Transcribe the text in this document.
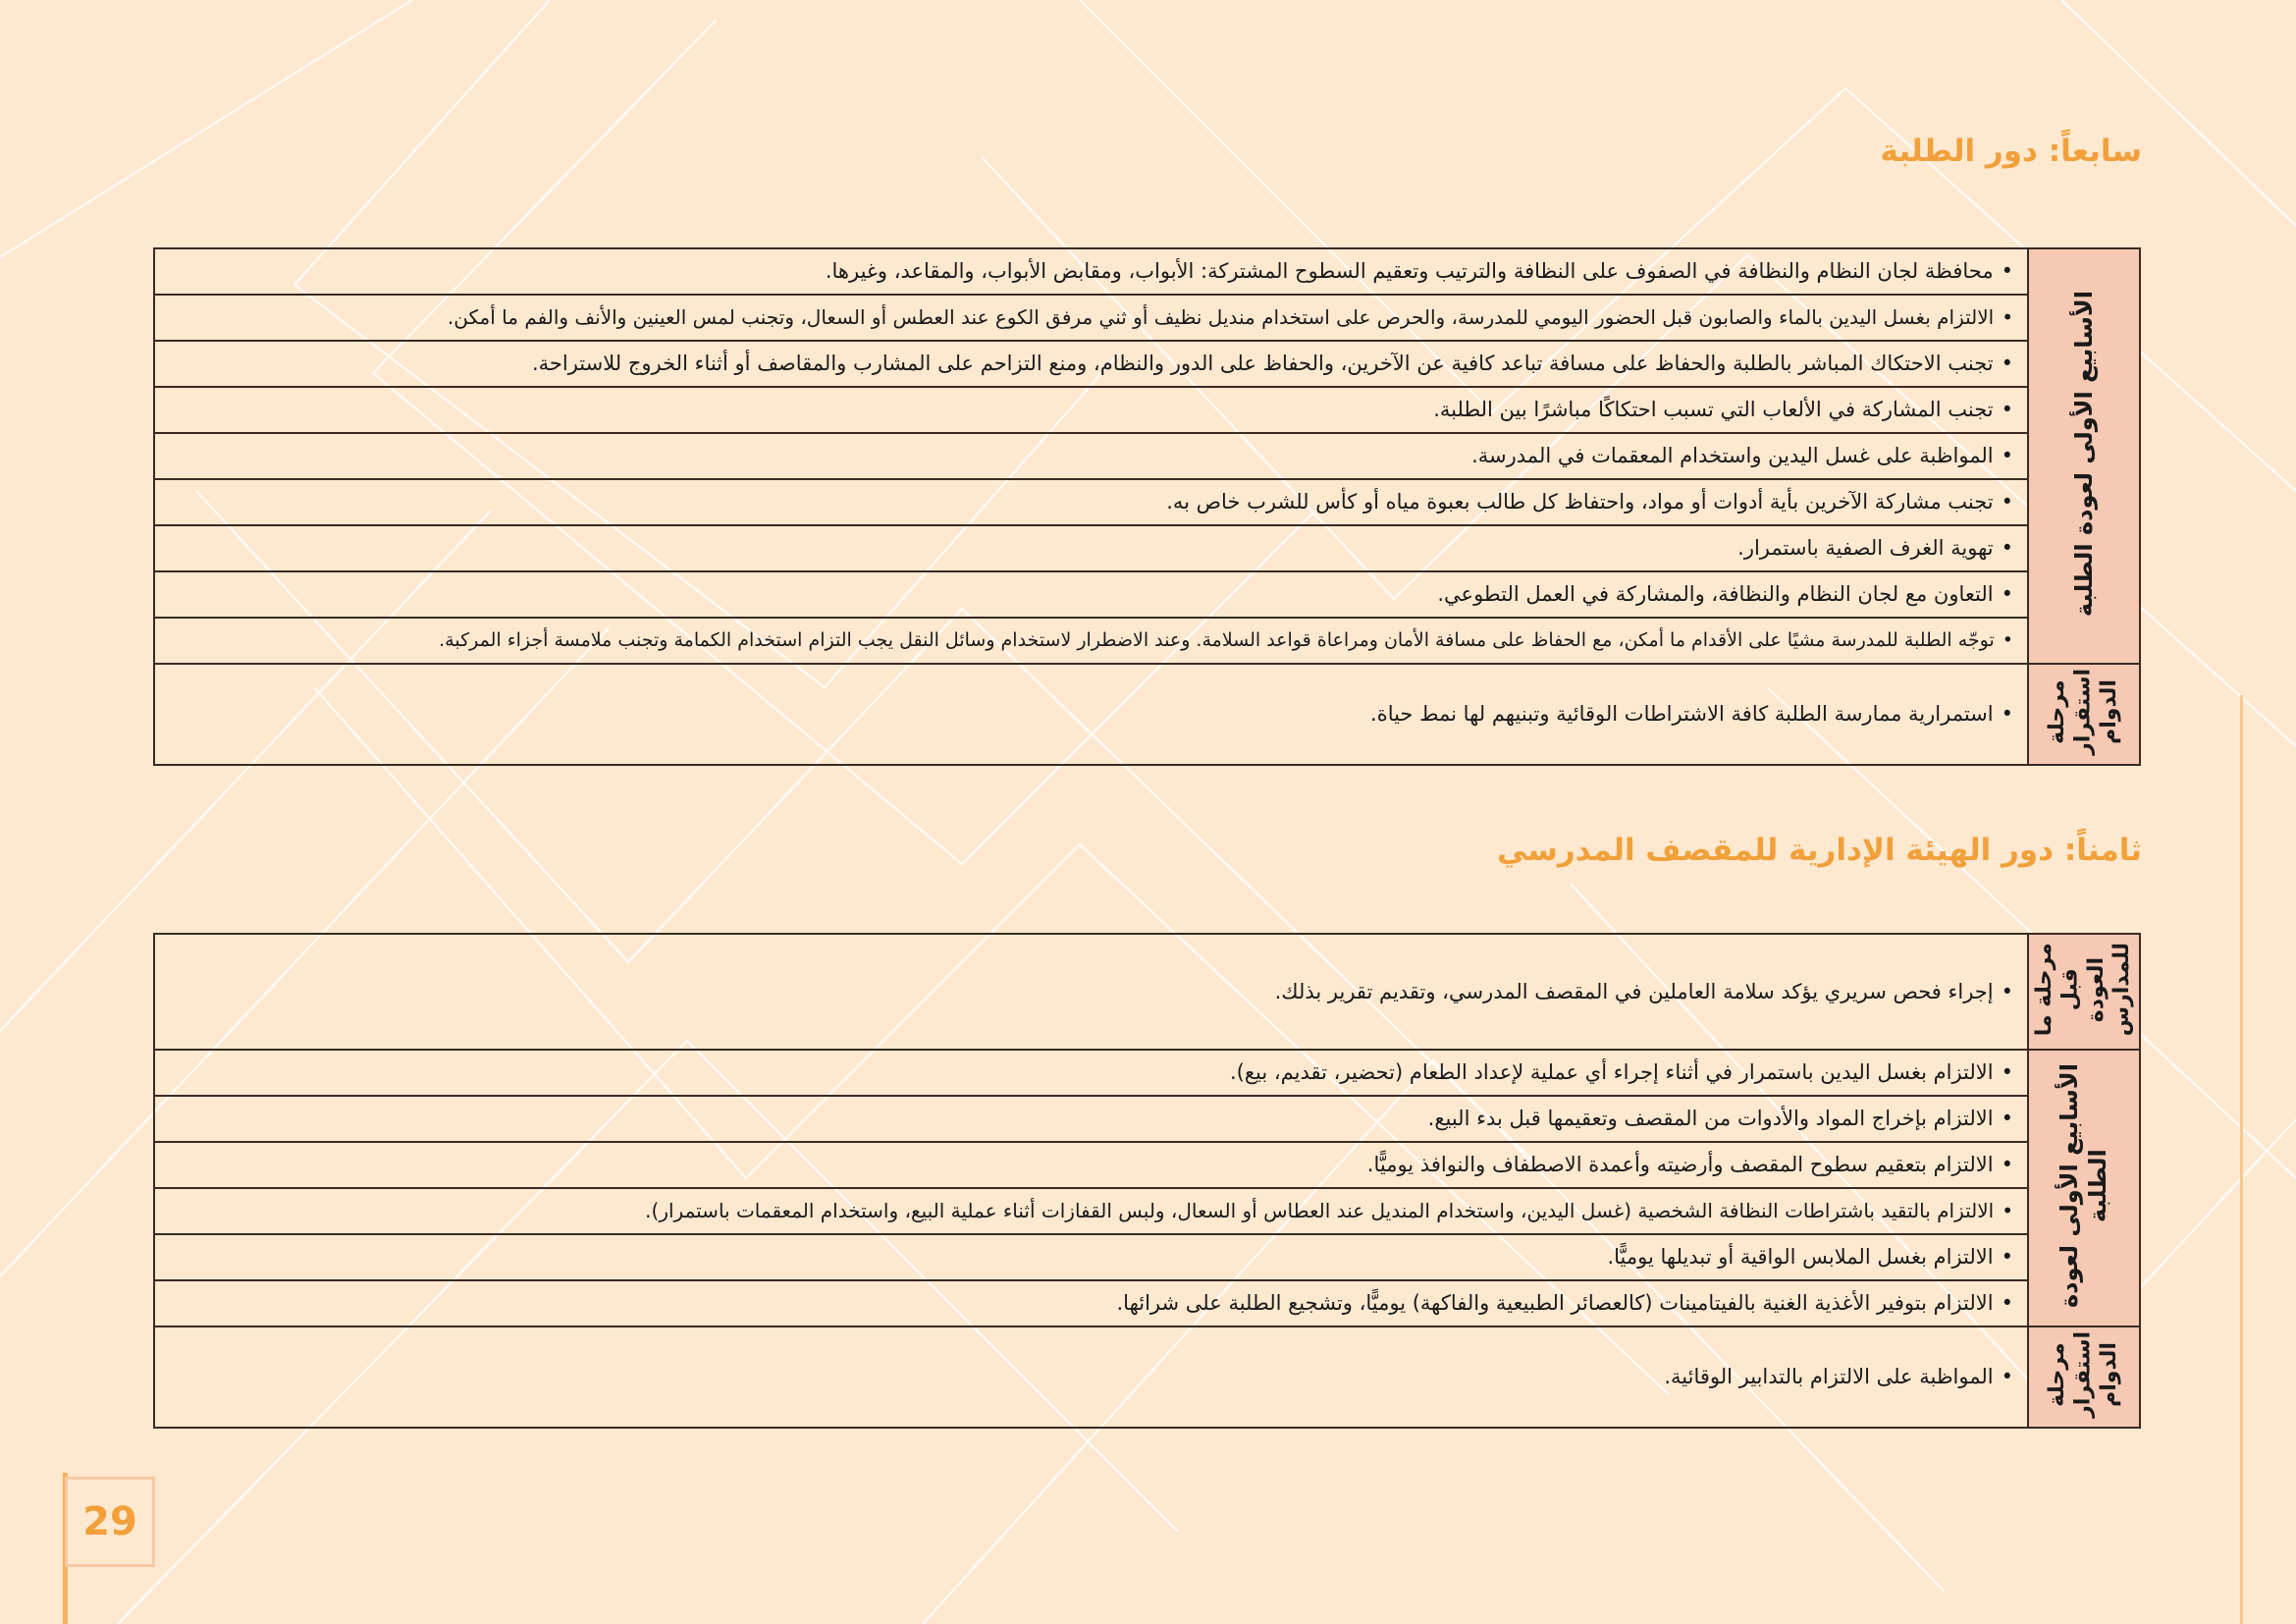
سابعاً: دور الطلبة
الأسابيع الأولى لعودة الطلبة	•محافظة لجان النظام والنظافة في الصفوف على النظافة والترتيب وتعقيم السطوح المشتركة: الأبواب، ومقابض الأبواب، والمقاعد، وغيرها.
	•الالتزام بغسل اليدين بالماء والصابون قبل الحضور اليومي للمدرسة، والحرص على استخدام منديل نظيف أو ثني مرفق الكوع عند العطس أو السعال، وتجنب لمس العينين والأنف والفم ما أمكن.
	•تجنب الاحتكاك المباشر بالطلبة والحفاظ على مسافة تباعد كافية عن الآخرين، والحفاظ على الدور والنظام، ومنع التزاحم على المشارب والمقاصف أو أثناء الخروج للاستراحة.
	•تجنب المشاركة في الألعاب التي تسبب احتكاكًا مباشرًا بين الطلبة.
	•المواظبة على غسل اليدين واستخدام المعقمات في المدرسة.
	•تجنب مشاركة الآخرين بأية أدوات أو مواد، واحتفاظ كل طالب بعبوة مياه أو كأس للشرب خاص به.
	•تهوية الغرف الصفية باستمرار.
	•التعاون مع لجان النظام والنظافة، والمشاركة في العمل التطوعي.
	•توجّه الطلبة للمدرسة مشيًا على الأقدام ما أمكن، مع الحفاظ على مسافة الأمان ومراعاة قواعد السلامة. وعند الاضطرار لاستخدام وسائل النقل يجب التزام استخدام الكمامة وتجنب ملامسة أجزاء المركبة.
مرحلة
استقرار
الدوام	•استمرارية ممارسة الطلبة كافة الاشتراطات الوقائية وتبنيهم لها نمط حياة.
ثامناً: دور الهيئة الإدارية للمقصف المدرسي
مرحلة ما
قبل
العودة
للمدارس	•إجراء فحص سريري يؤكد سلامة العاملين في المقصف المدرسي، وتقديم تقرير بذلك.
الأسابيع الأولى لعودة
الطلبة	•الالتزام بغسل اليدين باستمرار في أثناء إجراء أي عملية لإعداد الطعام (تحضير، تقديم، بيع).
	•الالتزام بإخراج المواد والأدوات من المقصف وتعقيمها قبل بدء البيع.
	•الالتزام بتعقيم سطوح المقصف وأرضيته وأعمدة الاصطفاف والنوافذ يوميًّا.
	•الالتزام بالتقيد باشتراطات النظافة الشخصية (غسل اليدين، واستخدام المنديل عند العطاس أو السعال، ولبس القفازات أثناء عملية البيع، واستخدام المعقمات باستمرار).
	•الالتزام بغسل الملابس الواقية أو تبديلها يوميًّا.
	•الالتزام بتوفير الأغذية الغنية بالفيتامينات (كالعصائر الطبيعية والفاكهة) يوميًّا، وتشجيع الطلبة على شرائها.
مرحلة
استقرار
الدوام	•المواظبة على الالتزام بالتدابير الوقائية.
29
